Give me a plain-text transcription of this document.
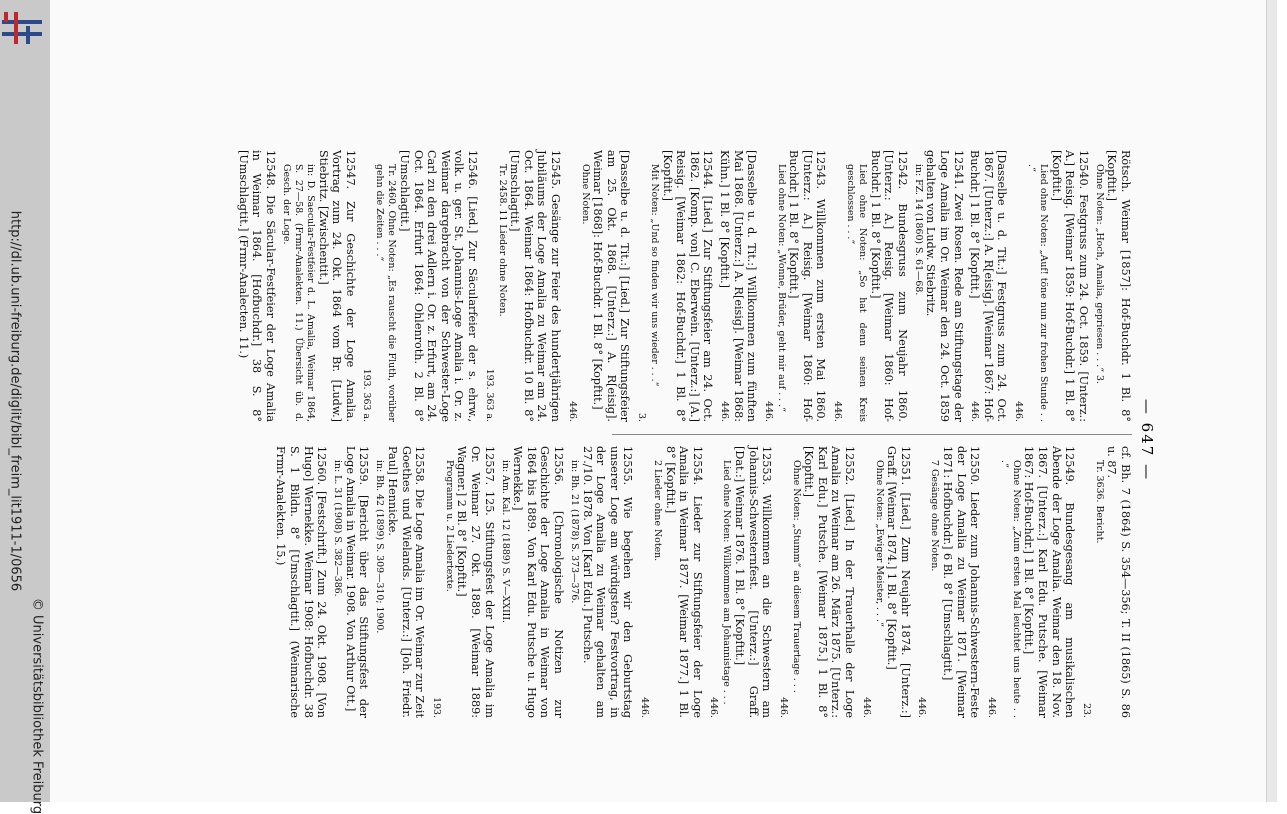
http://dl.ub.uni-freiburg.de/diglit/bibl_freim_lit1911-1/0656
© Universitätsbibliothek Freiburg
— 647 —
Rötsch. Weimar [1857]: Hof-Buchdr. 1 Bl. 8° [Kopftit.]
Ohne Noten: „Hoch, Amalia, gepriesen . . .“ 3.
12540. Festgruss zum 24. Oct. 1859. [Unterz.: A.] Reisig. [Weimar 1859: Hof-Buchdr.] 1 Bl. 8° [Kopftit.]
Lied ohne Noten: „Auf! töne nun zur frohen Stunde . . .“
446.
[Dasselbe u. d. Tit.:] Festgruss zum 24. Oct. 1867. [Unterz.:] A. R[eisig]. [Weimar 1867: Hof-Buchdr.] 1 Bl. 8° [Kopftit.]
446.
12541. Zwei Rosen. Rede am Stiftungstage der Loge Amalia im Or. Weimar den 24. Oct. 1859 gehalten von Ludw. Stiebritz.
in: FZ. 14 (1860) S. 61—68.
12542. Bundesgruss zum Neujahr 1860. [Unterz.: A.] Reisig. [Weimar 1860: Hof-Buchdr.] 1 Bl. 8° [Kopftit.]
Lied ohne Noten: „So hat denn seinen Kreis geschlossen . . .“
446.
12543. Willkommen zum ersten Mai 1860. [Unterz.: A.] Reisig. [Weimar 1860: Hof-Buchdr.] 1 Bl. 8° [Kopftit.]
Lied ohne Noten: „Wonne, Brüder, geht mir auf . . .“
446.
[Dasselbe u. d. Tit.:] Willkommen zum fünften Mai 1868. [Unterz.:] A. R[eisig]. [Weimar 1868: Kühn.] 1 Bl. 8° [Kopftit.]
446.
12544. [Lied.] Zur Stiftungsfeier am 24. Oct. 1862. [Komp. von] C. Eberwein. [Unterz.:] [A.] Reisig. [Weimar 1862: Hof-Buchdr.] 1 Bl. 8° [Kopftit.]
Mit Noten: „Und so finden wir uns wieder . . .“
3.
[Dasselbe u. d. Tit.:] [Lied.] Zur Stiftungsfeier am 25. Okt. 1868. [Unterz.:] A. R[eisig]. Weimar [1868]: Hof-Buchdr. 1 Bl. 8° [Kopftit.]
Ohne Noten.
446.
12545. Gesänge zur Feier des hundertjährigen Jubiläums der Loge Amalia zu Weimar am 24. Oct. 1864. Weimar 1864: Hofbuchdr. 10 Bl. 8° [Umschlagtit.]
Tr. 2458. 11 Lieder ohne Noten.
193. 363 a.
12546. [Lied.] Zur Säcularfeier der s. ehrw., volk. u. ger. St. Johannis-Loge Amalia i. Or. z. Weimar dargebracht von der Schwester-Loge Carl zu den drei Adlern i. Or. z. Erfurt, am 24. Oct. 1864. Erfurt 1864: Ohlenroth. 2 Bl. 8° [Umschlagtit.]
Tr. 2460. Ohne Noten: „Es rauscht die Fluth, vorüber gehn die Zeiten . . .“
193. 363 a.
12547. Zur Geschichte der Loge Amalia. Vortrag zum 24. Okt. 1864 vom Br. [Ludw.] Stiebritz. [Zwischentit.]
in: D. Saecular-Festfeier d. L. Amalia, Weimar 1864, S. 27—58. (Frmr-Analekten. 11.) Übersicht üb. d. Gesch. der Loge.
12548. Die Säcular-Festfeier der Loge Amalia in Weimar 1864. [Hofbuchdr.] 38 S. 8° [Umschlagtit.] (Frmr-Analecten. 11.)
cf. Bh. 7 (1864) S. 354—356; T. II (1865) S. 86 u. 87.
Tr. 3636. Bericht.
23.
12549. Bundesgesang am musikalischen Abende der Loge Amalia. Weimar den 18. Nov. 1867. [Unterz.:] Karl Edu. Putsche. [Weimar 1867: Hof-Buchdr.] 1 Bl. 8° [Kopftit.]
Ohne Noten: „Zum ersten Mal leuchtet uns heute . . .“
446.
12550. Lieder zum Johannis-Schwestern-Feste der Loge Amalia zu Weimar 1871. [Weimar 1871: Hofbuchdr.] 6 Bl. 8° [Umschlagtit.]
7 Gesänge ohne Noten.
446.
12551. [Lied.] Zum Neujahr 1874. [Unterz.:] Graff. [Weimar 1874.] 1 Bl. 8° [Kopftit.]
Ohne Noten: „Ewiger Meister, . . .“
446.
12552. [Lied.] In der Trauerhalle der Loge Amalia zu Weimar am 26. März 1875. [Unterz.: Karl Edu.] Putsche. [Weimar 1875.] 1 Bl. 8° [Kopftit.]
Ohne Noten: „Stumm“ an diesem Trauertage . . .
446.
12553. Willkommen an die Schwestern am Johannis-Schwesternfest. [Unterz.:] Graff. [Dat.:] Weimar 1876. 1 Bl. 8° [Kopftit.]
Lied ohne Noten: Willkommen am Johannistage . . .
446.
12554. Lieder zur Stiftungsfeier der Loge Amalia in Weimar 1877. [Weimar 1877.] 1 Bl. 8° [Kopftit.]
2 Lieder ohne Noten.
446.
12555. Wie begehen wir den Geburtstag unserer Loge am würdigsten? Festvortrag, in der Loge Amalia zu Weimar gehalten am 27./10. 1878. Von [Karl Edu.] Putsche.
in: Bh. 21 (1878) S. 373—376.
12556. [Chronologische Notizen zur Geschichte der Loge Amalia in Weimar von 1864 bis 1889. Von Karl Edu. Putsche u. Hugo Wernekke.]
in: Am. Kal. 12 (1889) S. V—XXIII.
12557. 125. Stiftungsfest der Loge Amalia im Or. Weimar 27. Okt. 1889. [Weimar 1889: Wagner.] 2 Bl. 8° [Kopftit.]
Programm u. 2 Liedertexte.
193.
12558. Die Loge Amalia im Or. Weimar zur Zeit Goethes und Wielands. [Unterz.:] [Joh. Friedr. Paul] Hennicke.
in: Bh. 42 (1899) S. 309—310; 1900.
12559. [Bericht über das Stiftungsfest der Loge Amalia in Weimar. 1908. Von Arthur Ott.]
in: L. 31 (1908) S. 382—386.
12560. [Festschrift.] Zum 24. Okt. 1908. [Von Hugo] Wernekke. Weimar 1908: Hofbuchdr. 38 S. 1 Bildn. 8° [Umschlagtit.] (Weimarische Frmr-Analekten. 15.)
